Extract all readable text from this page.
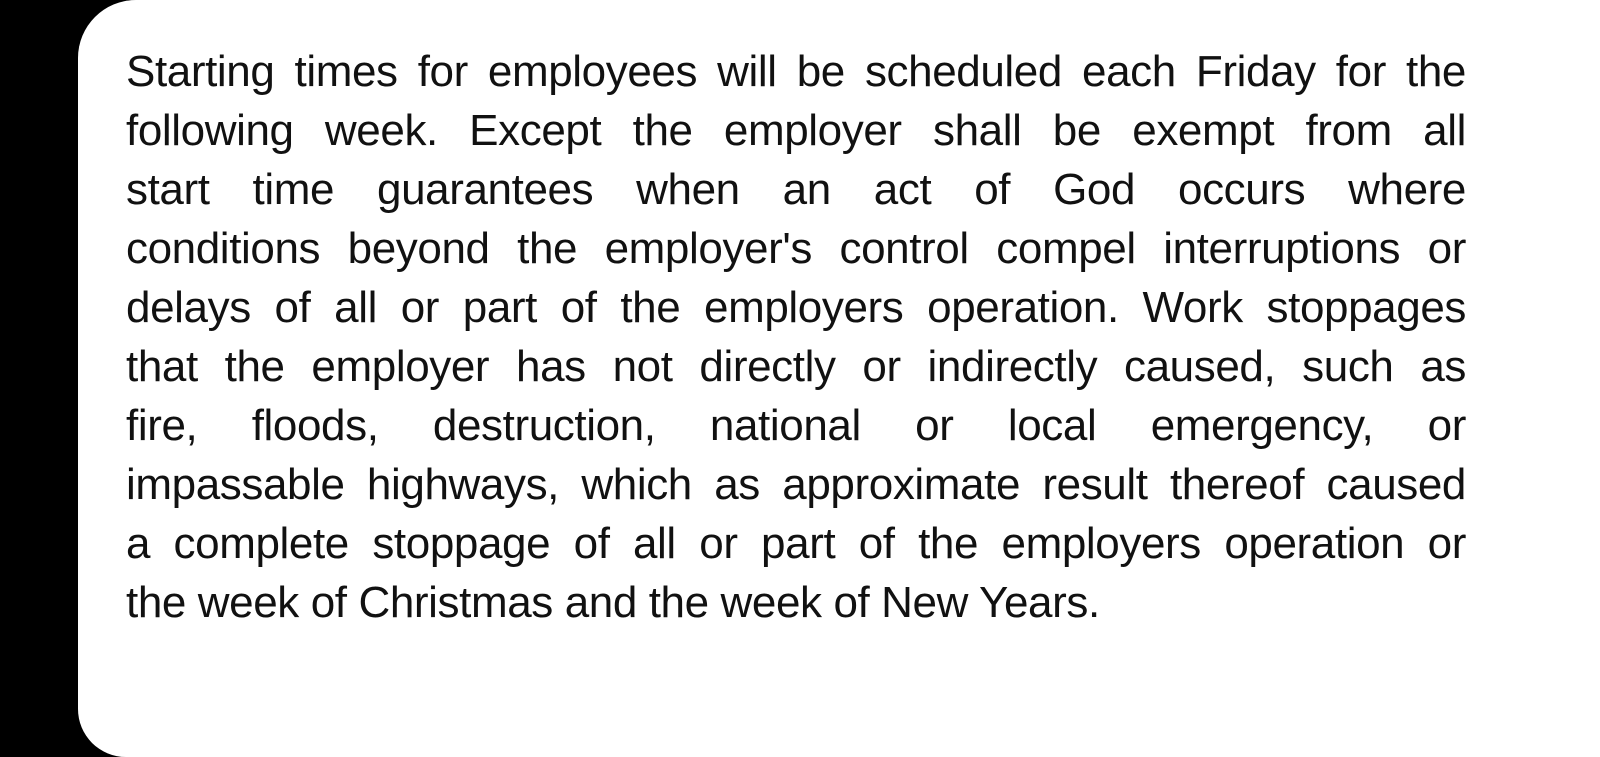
Starting times for employees will be scheduled each Friday for the
following week. Except the employer shall be exempt from all
start time guarantees when an act of God occurs where
conditions beyond the employer's control compel interruptions or
delays of all or part of the employers operation. Work stoppages
that the employer has not directly or indirectly caused, such as
fire, floods, destruction, national or local emergency, or
impassable highways, which as approximate result thereof caused
a complete stoppage of all or part of the employers operation or
the week of Christmas and the week of New Years.
